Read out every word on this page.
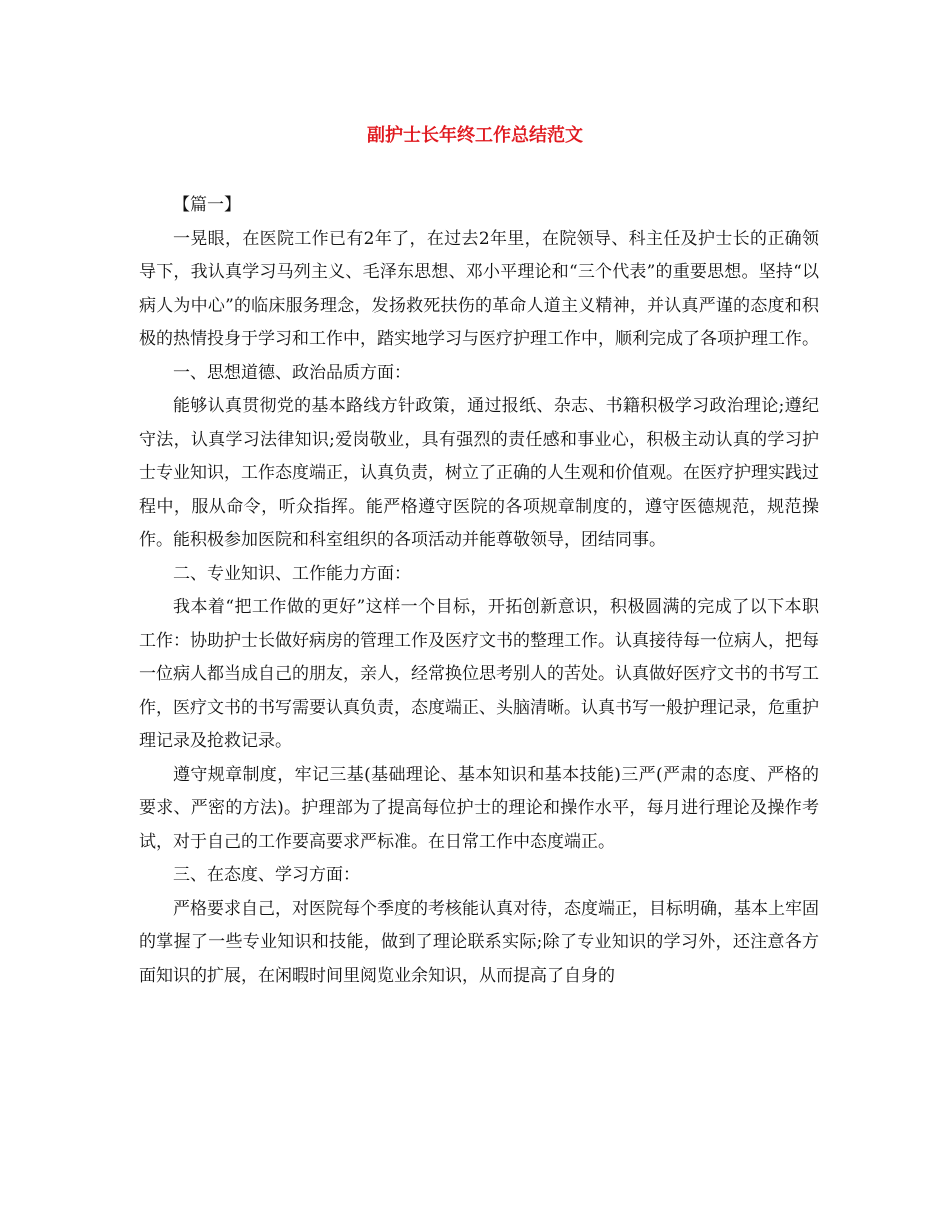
副护士长年终工作总结范文

【篇一】

一晃眼，在医院工作已有2年了，在过去2年里，在院领导、科主任及护士长的正确领导下，我认真学习马列主义、毛泽东思想、邓小平理论和“三个代表”的重要思想。坚持“以病人为中心”的临床服务理念，发扬救死扶伤的革命人道主义精神，并认真严谨的态度和积极的热情投身于学习和工作中，踏实地学习与医疗护理工作中，顺利完成了各项护理工作。

一、思想道德、政治品质方面：

能够认真贯彻党的基本路线方针政策，通过报纸、杂志、书籍积极学习政治理论;遵纪守法，认真学习法律知识;爱岗敬业，具有强烈的责任感和事业心，积极主动认真的学习护士专业知识，工作态度端正，认真负责，树立了正确的人生观和价值观。在医疗护理实践过程中，服从命令，听众指挥。能严格遵守医院的各项规章制度的，遵守医德规范，规范操作。能积极参加医院和科室组织的各项活动并能尊敬领导，团结同事。

二、专业知识、工作能力方面：

我本着“把工作做的更好”这样一个目标，开拓创新意识，积极圆满的完成了以下本职工作：协助护士长做好病房的管理工作及医疗文书的整理工作。认真接待每一位病人，把每一位病人都当成自己的朋友，亲人，经常换位思考别人的苦处。认真做好医疗文书的书写工作，医疗文书的书写需要认真负责，态度端正、头脑清晰。认真书写一般护理记录，危重护理记录及抢救记录。

遵守规章制度，牢记三基(基础理论、基本知识和基本技能)三严(严肃的态度、严格的要求、严密的方法)。护理部为了提高每位护士的理论和操作水平，每月进行理论及操作考试，对于自己的工作要高要求严标准。在日常工作中态度端正。

三、在态度、学习方面：

严格要求自己，对医院每个季度的考核能认真对待，态度端正，目标明确，基本上牢固的掌握了一些专业知识和技能，做到了理论联系实际;除了专业知识的学习外，还注意各方面知识的扩展，在闲暇时间里阅览业余知识，从而提高了自身的
